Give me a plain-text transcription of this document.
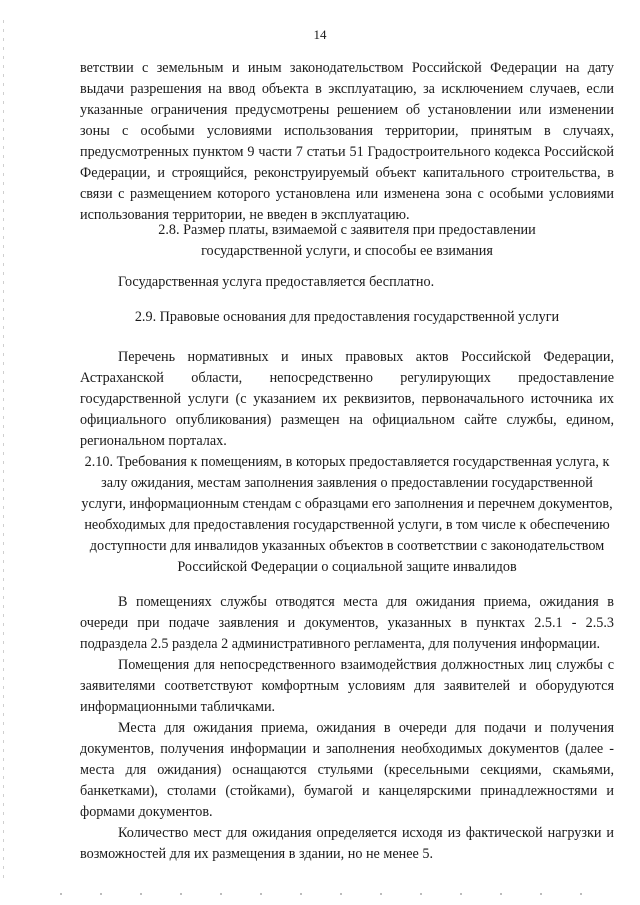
14

ветствии с земельным и иным законодательством Российской Федерации на дату выдачи разрешения на ввод объекта в эксплуатацию, за исключением случаев, если указанные ограничения предусмотрены решением об установлении или изменении зоны с особыми условиями использования территории, принятым в случаях, предусмотренных пунктом 9 части 7 статьи 51 Градостроительного кодекса Российской Федерации, и строящийся, реконструируемый объект капитального строительства, в связи с размещением которого установлена или изменена зона с особыми условиями использования территории, не введен в эксплуатацию.

2.8. Размер платы, взимаемой с заявителя при предоставлении

государственной услуги, и способы ее взимания

Государственная услуга предоставляется бесплатно.

2.9. Правовые основания для предоставления государственной услуги

Перечень нормативных и иных правовых актов Российской Федерации, Астраханской области, непосредственно регулирующих предоставление государственной услуги (с указанием их реквизитов, первоначального источника их официального опубликования) размещен на официальном сайте службы, едином, региональном порталах.

2.10. Требования к помещениям, в которых предоставляется государственная услуга, к залу ожидания, местам заполнения заявления о предоставлении государственной услуги, информационным стендам с образцами его заполнения и перечнем документов, необходимых для предоставления государственной услуги, в том числе к обеспечению доступности для инвалидов указанных объектов в соответствии с законодательством Российской Федерации о социальной защите инвалидов

В помещениях службы отводятся места для ожидания приема, ожидания в очереди при подаче заявления и документов, указанных в пунктах 2.5.1 - 2.5.3 подраздела 2.5 раздела 2 административного регламента, для получения информации.

Помещения для непосредственного взаимодействия должностных лиц службы с заявителями соответствуют комфортным условиям для заявителей и оборудуются информационными табличками.

Места для ожидания приема, ожидания в очереди для подачи и получения документов, получения информации и заполнения необходимых документов (далее - места для ожидания) оснащаются стульями (кресельными секциями, скамьями, банкетками), столами (стойками), бумагой и канцелярскими принадлежностями и формами документов.

Количество мест для ожидания определяется исходя из фактической нагрузки и возможностей для их размещения в здании, но не менее 5.
